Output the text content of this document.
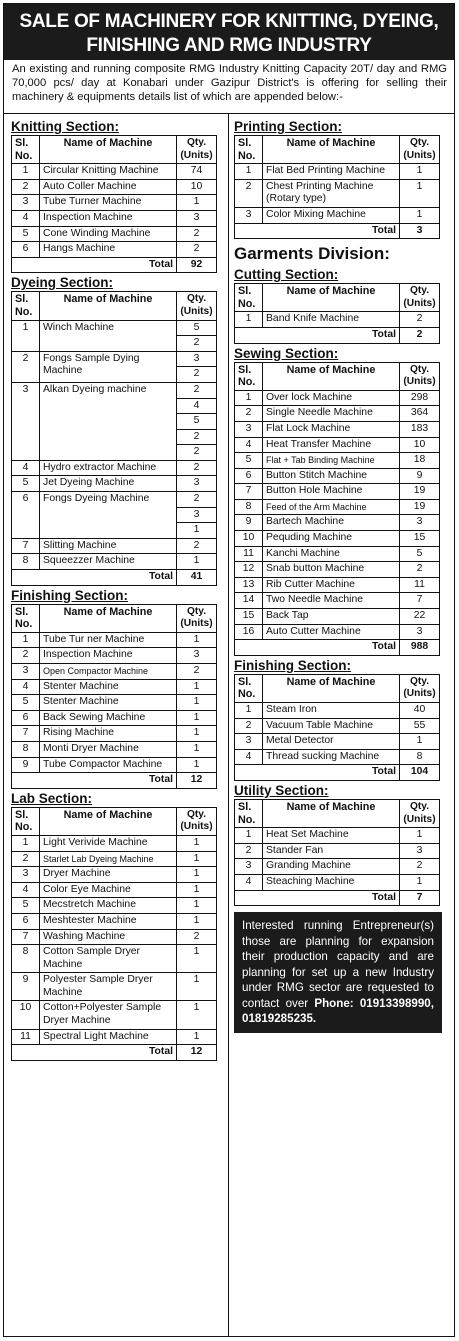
SALE OF MACHINERY FOR KNITTING, DYEING, FINISHING AND RMG INDUSTRY
An existing and running composite RMG Industry Knitting Capacity 20T/ day and RMG 70,000 pcs/ day at Konabari under Gazipur District's is offering for selling their machinery & equipments details list of which are appended below:-
Knitting Section:
Sl. No.	Name of Machine	Qty. (Units)
1	Circular Knitting Machine	74
2	Auto Coller Machine	10
3	Tube Turner Machine	1
4	Inspection Machine	3
5	Cone Winding Machine	2
6	Hangs Machine	2
	Total	92
Dyeing Section:
Sl. No.	Name of Machine	Qty. (Units)
1	Winch Machine	5
		2
2	Fongs Sample Dying Machine	3
		2
3	Alkan Dyeing machine	2
		4
		5
		2
		2
4	Hydro extractor Machine	2
5	Jet Dyeing Machine	3
6	Fongs Dyeing Machine	2
		3
		1
7	Slitting Machine	2
8	Squeezzer Machine	1
	Total	41
Finishing Section:
Sl. No.	Name of Machine	Qty. (Units)
1	Tube Tur ner Machine	1
2	Inspection Machine	3
3	Open Compactor Machine	2
4	Stenter Machine	1
5	Stenter Machine	1
6	Back Sewing Machine	1
7	Rising Machine	1
8	Monti Dryer Machine	1
9	Tube Compactor Machine	1
	Total	12
Lab Section:
Sl. No.	Name of Machine	Qty. (Units)
1	Light Verivide Machine	1
2	Starlet Lab Dyeing Machine	1
3	Dryer Machine	1
4	Color Eye Machine	1
5	Mecstretch Machine	1
6	Meshtester Machine	1
7	Washing Machine	2
8	Cotton Sample Dryer Machine	1
9	Polyester Sample Dryer Machine	1
10	Cotton+Polyester Sample Dryer Machine	1
11	Spectral Light Machine	1
	Total	12
Printing Section:
Sl. No.	Name of Machine	Qty. (Units)
1	Flat Bed Printing Machine	1
2	Chest Printing Machine (Rotary type)	1
3	Color Mixing Machine	1
	Total	3
Garments Division:
Cutting Section:
Sl. No.	Name of Machine	Qty. (Units)
1	Band Knife Machine	2
	Total	2
Sewing Section:
Sl. No.	Name of Machine	Qty. (Units)
1	Over lock Machine	298
2	Single Needle Machine	364
3	Flat Lock Machine	183
4	Heat Transfer Machine	10
5	Flat + Tab Binding Machine	18
6	Button Stitch Machine	9
7	Button Hole Machine	19
8	Feed of the Arm Machine	19
9	Bartech Machine	3
10	Pequding Machine	15
11	Kanchi Machine	5
12	Snab button Machine	2
13	Rib Cutter Machine	11
14	Two Needle Machine	7
15	Back Tap	22
16	Auto Cutter Machine	3
	Total	988
Finishing Section:
Sl. No.	Name of Machine	Qty. (Units)
1	Steam Iron	40
2	Vacuum Table Machine	55
3	Metal Detector	1
4	Thread sucking Machine	8
	Total	104
Utility Section:
Sl. No.	Name of Machine	Qty. (Units)
1	Heat Set Machine	1
2	Stander Fan	3
3	Granding Machine	2
4	Steaching Machine	1
	Total	7
Interested running Entrepreneur(s) those are planning for expansion their production capacity and are planning for set up a new Industry under RMG sector are requested to contact over Phone: 01913398990, 01819285235.
